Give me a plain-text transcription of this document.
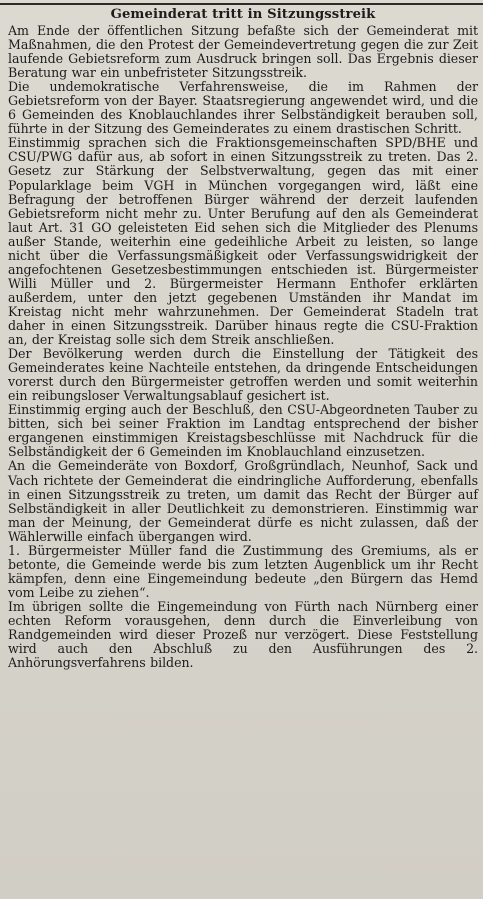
Gemeinderat tritt in Sitzungsstreik

Am Ende der öffentlichen Sitzung befaßte sich der Gemeinderat mit Maßnahmen, die den Protest der Gemeindevertretung gegen die zur Zeit laufende Gebietsreform zum Ausdruck bringen soll. Das Ergebnis dieser Beratung war ein unbefristeter Sitzungsstreik.

Die undemokratische Verfahrensweise, die im Rahmen der Gebietsreform von der Bayer. Staatsregierung angewendet wird, und die 6 Gemeinden des Knoblauchlandes ihrer Selbständigkeit berauben soll, führte in der Sitzung des Gemeinderates zu einem drastischen Schritt.

Einstimmig sprachen sich die Fraktionsgemeinschaften SPD/BHE und CSU/PWG dafür aus, ab sofort in einen Sitzungsstreik zu treten. Das 2. Gesetz zur Stärkung der Selbstverwaltung, gegen das mit einer Popularklage beim VGH in München vorgegangen wird, läßt eine Befragung der betroffenen Bürger während der derzeit laufenden Gebietsreform nicht mehr zu. Unter Berufung auf den als Gemeinderat laut Art. 31 GO geleisteten Eid sehen sich die Mitglieder des Plenums außer Stande, weiterhin eine gedeihliche Arbeit zu leisten, so lange nicht über die Verfassungsmäßigkeit oder Verfassungswidrigkeit der angefochtenen Gesetzesbestimmungen entschieden ist. Bürgermeister Willi Müller und 2. Bürgermeister Hermann Enthofer erklärten außerdem, unter den jetzt gegebenen Umständen ihr Mandat im Kreistag nicht mehr wahrzunehmen. Der Gemeinderat Stadeln trat daher in einen Sitzungsstreik. Darüber hinaus regte die CSU-Fraktion an, der Kreistag solle sich dem Streik anschließen.

Der Bevölkerung werden durch die Einstellung der Tätigkeit des Gemeinderates keine Nachteile entstehen, da dringende Entscheidungen vorerst durch den Bürgermeister getroffen werden und somit weiterhin ein reibungsloser Verwaltungsablauf gesichert ist.

Einstimmig erging auch der Beschluß, den CSU-Abgeordneten Tauber zu bitten, sich bei seiner Fraktion im Landtag entsprechend der bisher ergangenen einstimmigen Kreistagsbeschlüsse mit Nachdruck für die Selbständigkeit der 6 Gemeinden im Knoblauchland einzusetzen.

An die Gemeinderäte von Boxdorf, Großgründlach, Neunhof, Sack und Vach richtete der Gemeinderat die eindringliche Aufforderung, ebenfalls in einen Sitzungsstreik zu treten, um damit das Recht der Bürger auf Selbständigkeit in aller Deutlichkeit zu demonstrieren. Einstimmig war man der Meinung, der Gemeinderat dürfe es nicht zulassen, daß der Wählerwille einfach übergangen wird.

1. Bürgermeister Müller fand die Zustimmung des Gremiums, als er betonte, die Gemeinde werde bis zum letzten Augenblick um ihr Recht kämpfen, denn eine Eingemeindung bedeute „den Bürgern das Hemd vom Leibe zu ziehen“.

Im übrigen sollte die Eingemeindung von Fürth nach Nürnberg einer echten Reform vorausgehen, denn durch die Einverleibung von Randgemeinden wird dieser Prozeß nur verzögert. Diese Feststellung wird auch den Abschluß zu den Ausführungen des 2. Anhörungsverfahrens bilden.
